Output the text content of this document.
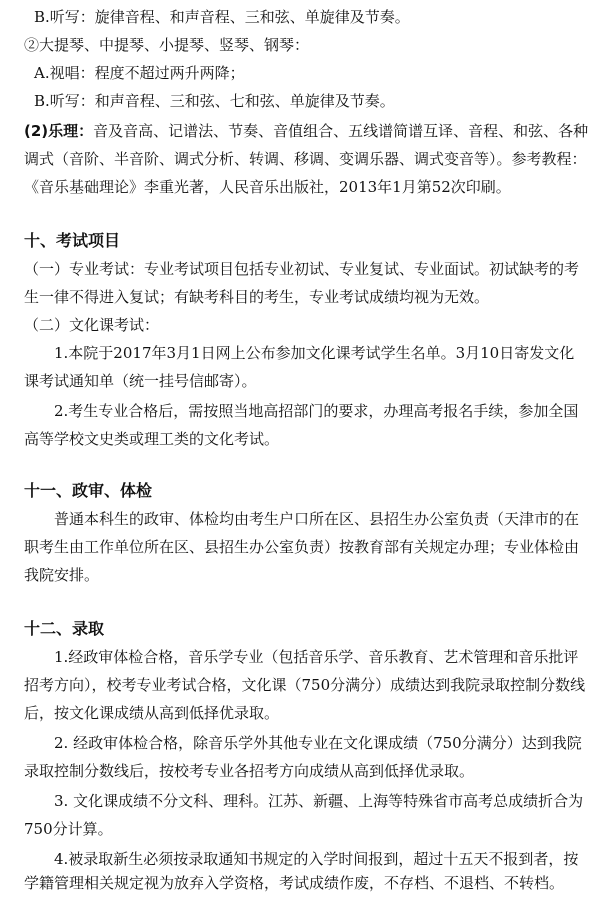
B.听写：旋律音程、和声音程、三和弦、单旋律及节奏。
②大提琴、中提琴、小提琴、竖琴、钢琴：
A.视唱：程度不超过两升两降；
B.听写：和声音程、三和弦、七和弦、单旋律及节奏。
(2)乐理：音及音高、记谱法、节奏、音值组合、五线谱简谱互译、音程、和弦、各种
调式（音阶、半音阶、调式分析、转调、移调、变调乐器、调式变音等）。参考教程：
《音乐基础理论》李重光著，人民音乐出版社，2013年1月第52次印刷。
十、考试项目
（一）专业考试：专业考试项目包括专业初试、专业复试、专业面试。初试缺考的考
生一律不得进入复试；有缺考科目的考生，专业考试成绩均视为无效。
（二）文化课考试：
1.本院于2017年3月1日网上公布参加文化课考试学生名单。3月10日寄发文化
课考试通知单（统一挂号信邮寄）。
2.考生专业合格后，需按照当地高招部门的要求，办理高考报名手续，参加全国
高等学校文史类或理工类的文化考试。
十一、政审、体检
普通本科生的政审、体检均由考生户口所在区、县招生办公室负责（天津市的在
职考生由工作单位所在区、县招生办公室负责）按教育部有关规定办理；专业体检由
我院安排。
十二、录取
1.经政审体检合格，音乐学专业（包括音乐学、音乐教育、艺术管理和音乐批评
招考方向），校考专业考试合格，文化课（750分满分）成绩达到我院录取控制分数线
后，按文化课成绩从高到低择优录取。
2. 经政审体检合格，除音乐学外其他专业在文化课成绩（750分满分）达到我院
录取控制分数线后，按校考专业各招考方向成绩从高到低择优录取。
3. 文化课成绩不分文科、理科。江苏、新疆、上海等特殊省市高考总成绩折合为
750分计算。
4.被录取新生必须按录取通知书规定的入学时间报到，超过十五天不报到者，按
学籍管理相关规定视为放弃入学资格，考试成绩作废，不存档、不退档、不转档。
